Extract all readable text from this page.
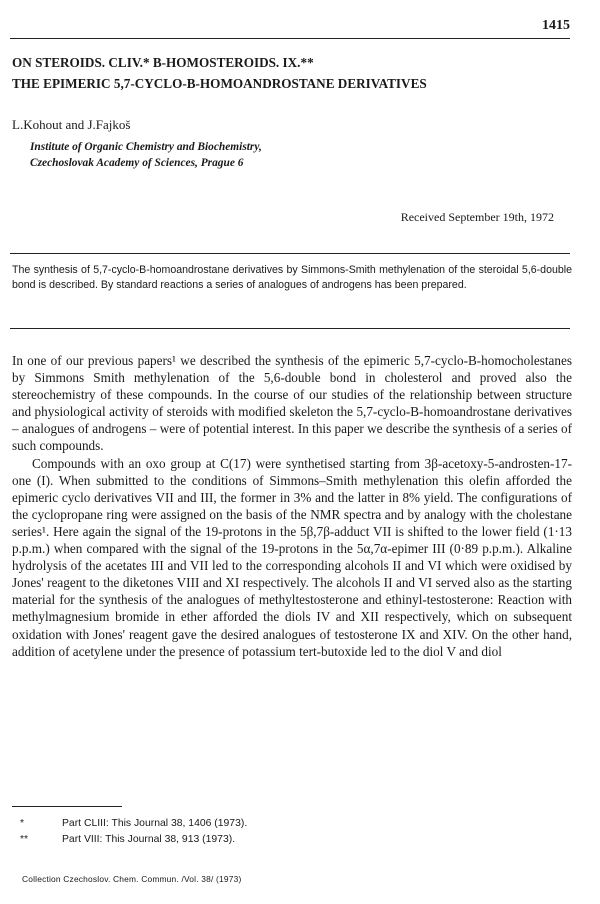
1415
ON STEROIDS. CLIV.* B-HOMOSTEROIDS. IX.**
THE EPIMERIC 5,7-CYCLO-B-HOMOANDROSTANE DERIVATIVES
L.Kohout and J.Fajkoš
Institute of Organic Chemistry and Biochemistry,
Czechoslovak Academy of Sciences, Prague 6
Received September 19th, 1972

The synthesis of 5,7-cyclo-B-homoandrostane derivatives by Simmons-Smith methylenation of the steroidal 5,6-double bond is described. By standard reactions a series of analogues of androgens has been prepared.

In one of our previous papers¹ we described the synthesis of the epimeric 5,7-cyclo-B-homocholestanes by Simmons Smith methylenation of the 5,6-double bond in cholesterol and proved also the stereochemistry of these compounds. In the course of our studies of the relationship between structure and physiological activity of steroids with modified skeleton the 5,7-cyclo-B-homoandrostane derivatives – analogues of androgens – were of potential interest. In this paper we describe the synthesis of a series of such compounds.

Compounds with an oxo group at C(17) were synthetised starting from 3β-acetoxy-5-androsten-17-one (I). When submitted to the conditions of Simmons–Smith methylenation this olefin afforded the epimeric cyclo derivatives VII and III, the former in 3% and the latter in 8% yield. The configurations of the cyclopropane ring were assigned on the basis of the NMR spectra and by analogy with the cholestane series¹. Here again the signal of the 19-protons in the 5β,7β-adduct VII is shifted to the lower field (1·13 p.p.m.) when compared with the signal of the 19-protons in the 5α,7α-epimer III (0·89 p.p.m.). Alkaline hydrolysis of the acetates III and VII led to the corresponding alcohols II and VI which were oxidised by Jones' reagent to the diketones VIII and XI respectively. The alcohols II and VI served also as the starting material for the synthesis of the analogues of methyltestosterone and ethinyl-testosterone: Reaction with methylmagnesium bromide in ether afforded the diols IV and XII respectively, which on subsequent oxidation with Jones' reagent gave the desired analogues of testosterone IX and XIV. On the other hand, addition of acetylene under the presence of potassium tert-butoxide led to the diol V and diol

*	Part CLIII: This Journal 38, 1406 (1973).
**	Part VIII: This Journal 38, 913 (1973).
Collection Czechoslov. Chem. Commun. /Vol. 38/ (1973)
